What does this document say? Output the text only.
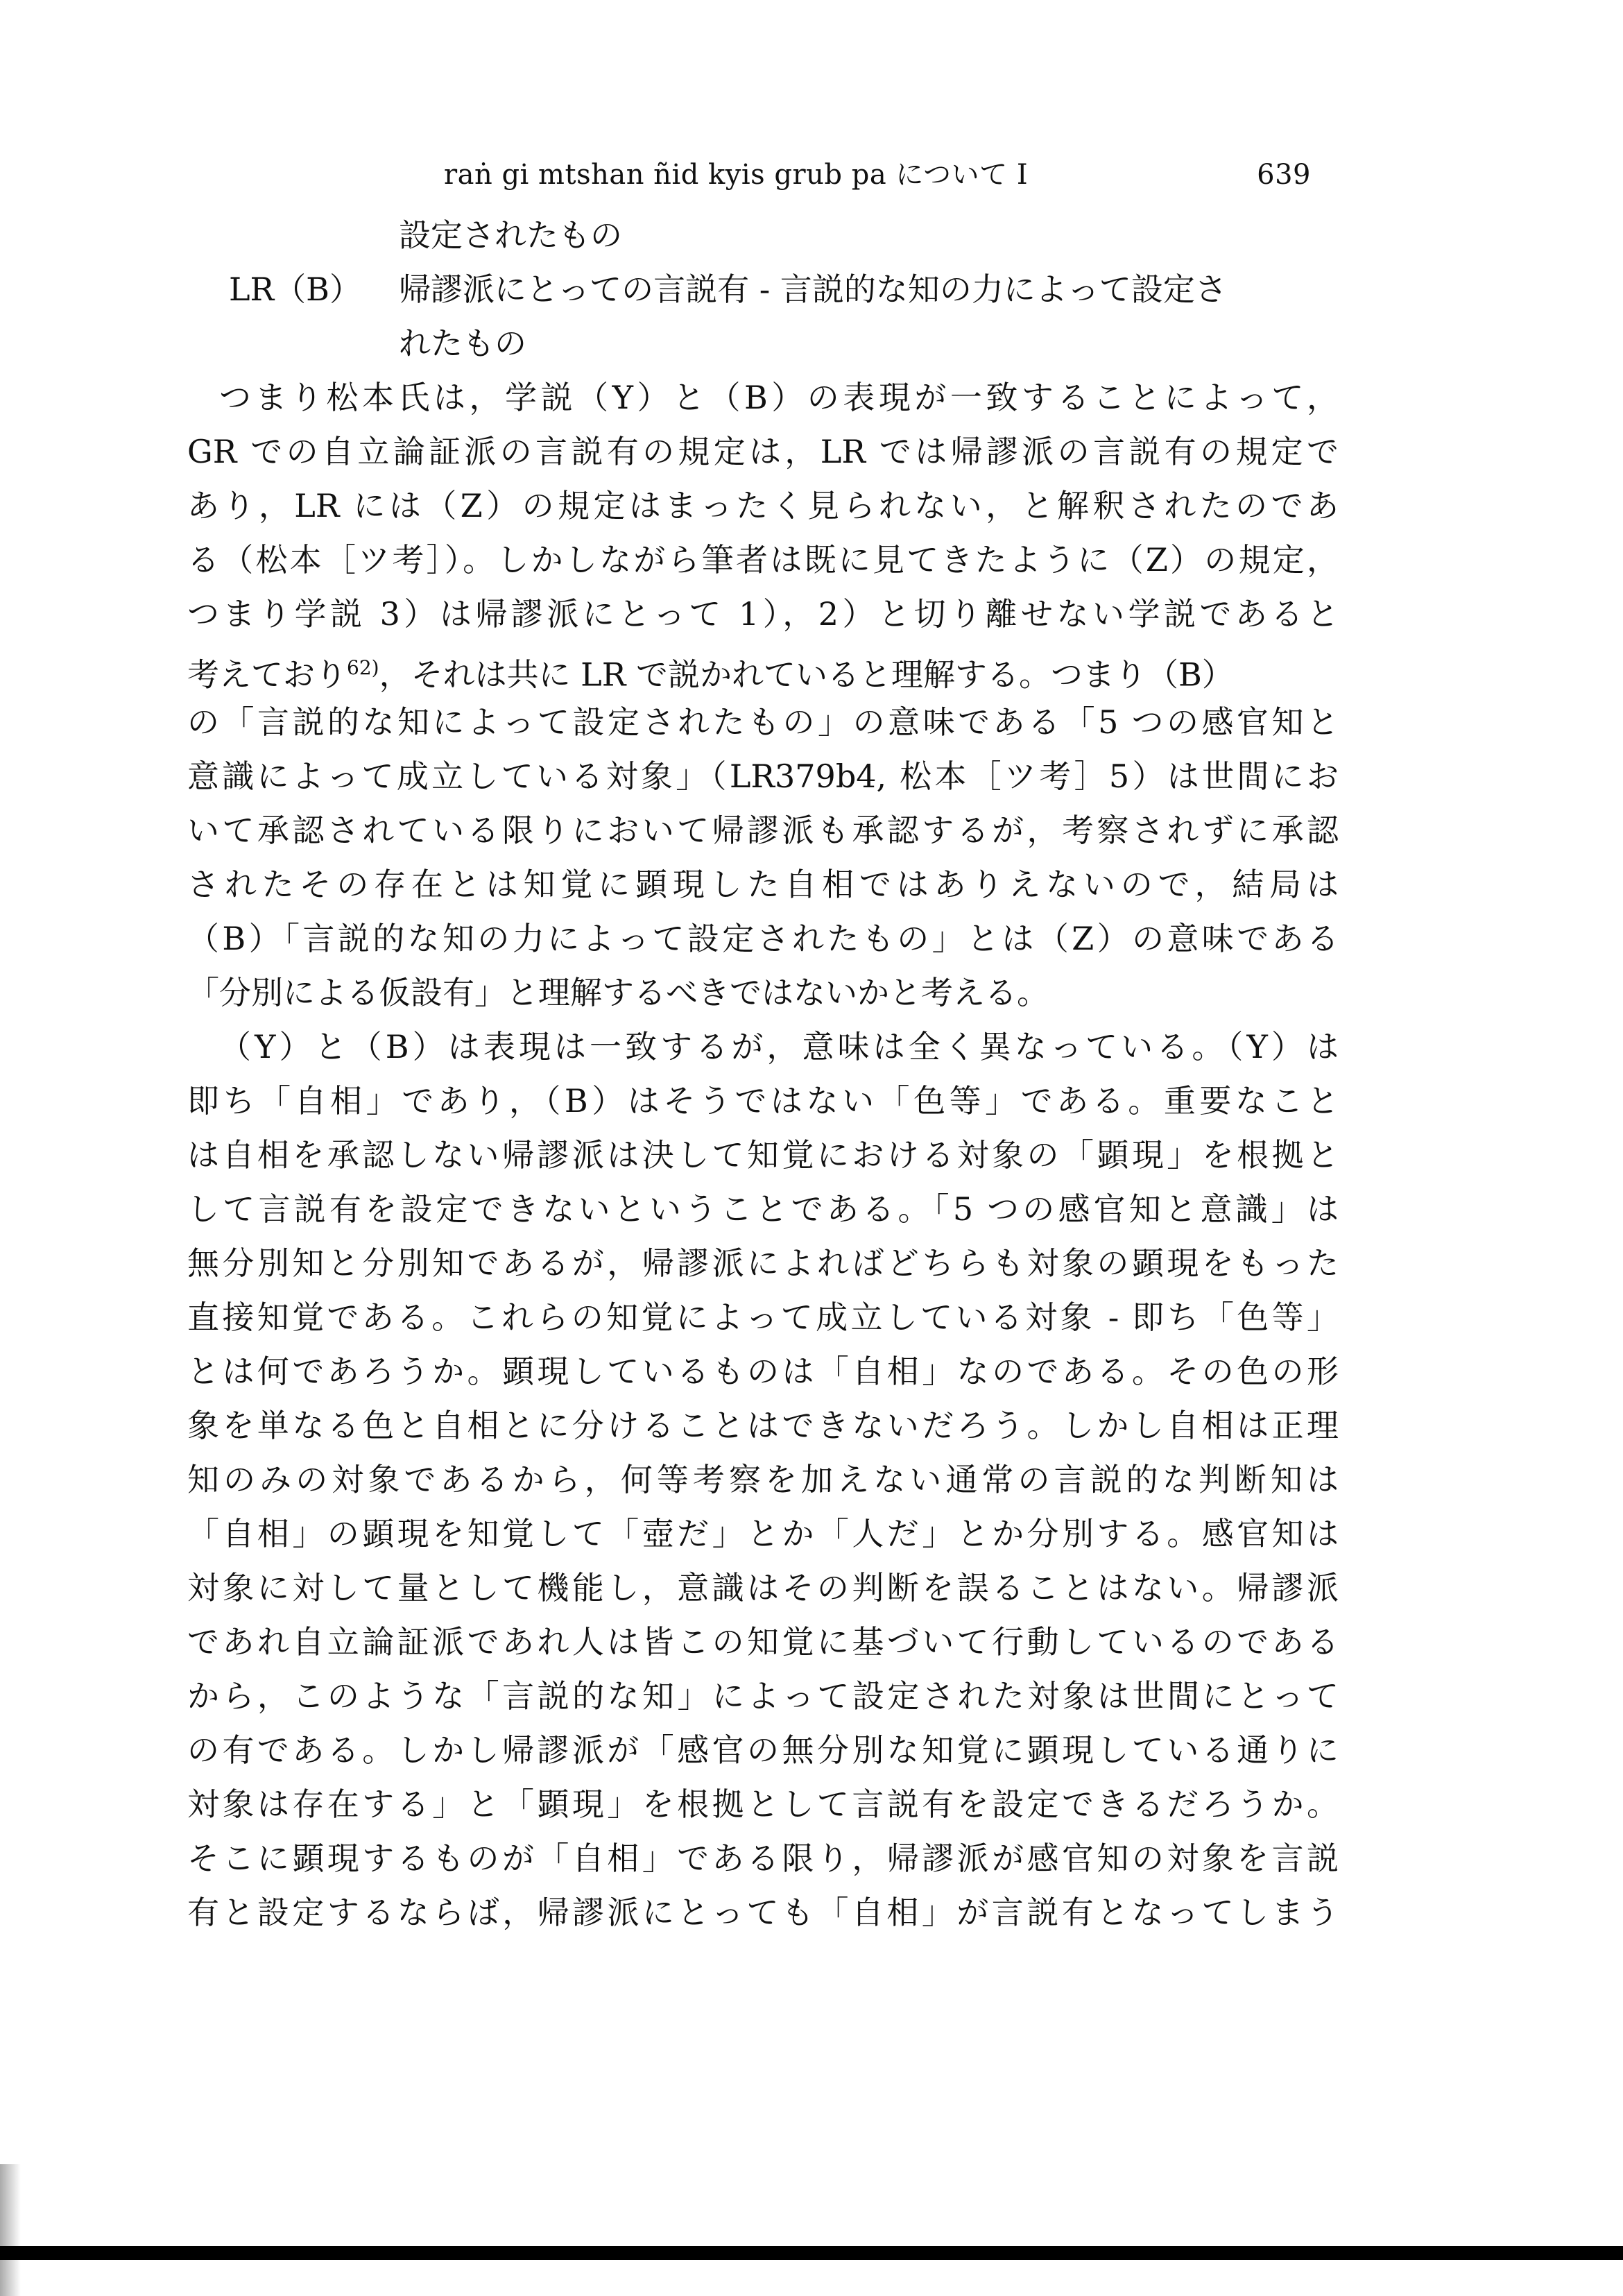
raṅ gi mtshan ñid kyis grub pa について Ⅰ	639
設定されたもの
LR（B） 帰謬派にとっての言説有 - 言説的な知の力によって設定さ
れたもの
つまり松本氏は，学説（Y）と（B）の表現が一致することによって，
GR での自立論証派の言説有の規定は，LR では帰謬派の言説有の規定で
あり，LR には（Z）の規定はまったく見られない，と解釈されたのであ
る（松本［ツ考］）。しかしながら筆者は既に見てきたように（Z）の規定，
つまり学説 3）は帰謬派にとって 1），2）と切り離せない学説であると
考えており$^{62)}$，それは共に LR で説かれていると理解する。つまり（B）
の「言説的な知によって設定されたもの」の意味である「5 つの感官知と
意識によって成立している対象」（LR379b4, 松本［ツ考］5）は世間にお
いて承認されている限りにおいて帰謬派も承認するが，考察されずに承認
されたその存在とは知覚に顕現した自相ではありえないので，結局は
（B）「言説的な知の力によって設定されたもの」とは（Z）の意味である
「分別による仮設有」と理解するべきではないかと考える。
（Y）と（B）は表現は一致するが，意味は全く異なっている。（Y）は
即ち「自相」であり，（B）はそうではない「色等」である。重要なこと
は自相を承認しない帰謬派は決して知覚における対象の「顕現」を根拠と
して言説有を設定できないということである。「5 つの感官知と意識」は
無分別知と分別知であるが，帰謬派によればどちらも対象の顕現をもった
直接知覚である。これらの知覚によって成立している対象 - 即ち「色等」
とは何であろうか。顕現しているものは「自相」なのである。その色の形
象を単なる色と自相とに分けることはできないだろう。しかし自相は正理
知のみの対象であるから，何等考察を加えない通常の言説的な判断知は
「自相」の顕現を知覚して「壺だ」とか「人だ」とか分別する。感官知は
対象に対して量として機能し，意識はその判断を誤ることはない。帰謬派
であれ自立論証派であれ人は皆この知覚に基づいて行動しているのである
から，このような「言説的な知」によって設定された対象は世間にとって
の有である。しかし帰謬派が「感官の無分別な知覚に顕現している通りに
対象は存在する」と「顕現」を根拠として言説有を設定できるだろうか。
そこに顕現するものが「自相」である限り，帰謬派が感官知の対象を言説
有と設定するならば，帰謬派にとっても「自相」が言説有となってしまう
